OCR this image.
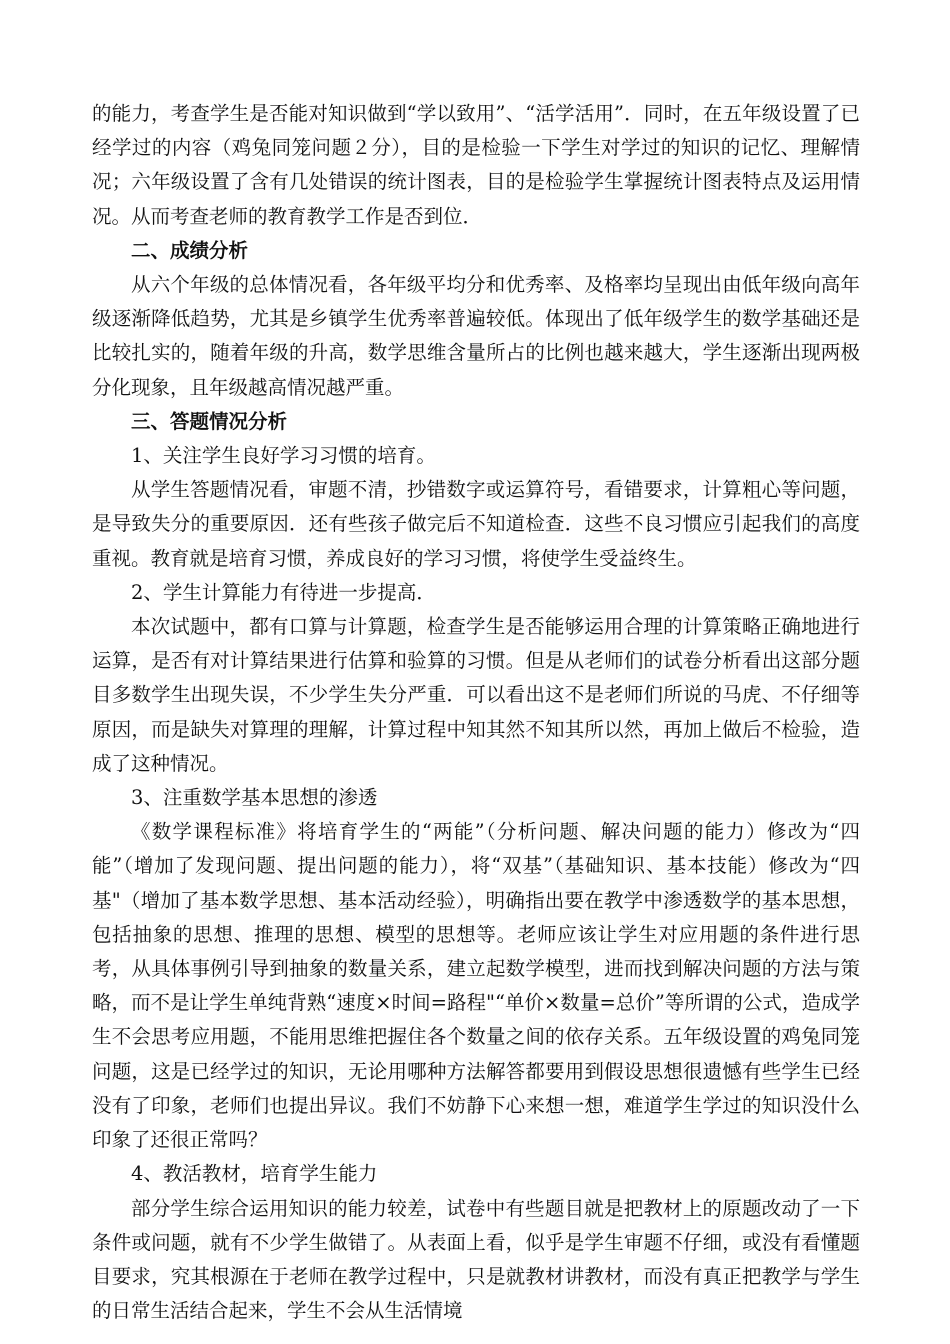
的能力，考查学生是否能对知识做到“学以致用”、“活学活用”．同时，在五年级设置了已经学过的内容（鸡兔同笼问题２分），目的是检验一下学生对学过的知识的记忆、理解情况；六年级设置了含有几处错误的统计图表，目的是检验学生掌握统计图表特点及运用情况。从而考查老师的教育教学工作是否到位．

二、成绩分析

从六个年级的总体情况看，各年级平均分和优秀率、及格率均呈现出由低年级向高年级逐渐降低趋势，尤其是乡镇学生优秀率普遍较低。体现出了低年级学生的数学基础还是比较扎实的，随着年级的升高，数学思维含量所占的比例也越来越大，学生逐渐出现两极分化现象，且年级越高情况越严重。

三、答题情况分析

1、关注学生良好学习习惯的培育。

从学生答题情况看，审题不清，抄错数字或运算符号，看错要求，计算粗心等问题，是导致失分的重要原因．还有些孩子做完后不知道检查．这些不良习惯应引起我们的高度重视。教育就是培育习惯，养成良好的学习习惯，将使学生受益终生。

2、学生计算能力有待进一步提高．

本次试题中，都有口算与计算题，检查学生是否能够运用合理的计算策略正确地进行运算，是否有对计算结果进行估算和验算的习惯。但是从老师们的试卷分析看出这部分题目多数学生出现失误，不少学生失分严重．可以看出这不是老师们所说的马虎、不仔细等原因，而是缺失对算理的理解，计算过程中知其然不知其所以然，再加上做后不检验，造成了这种情况。

3、注重数学基本思想的渗透

《数学课程标准》将培育学生的“两能”（分析问题、解决问题的能力）修改为“四能”（增加了发现问题、提出问题的能力），将“双基”（基础知识、基本技能）修改为“四基"（增加了基本数学思想、基本活动经验），明确指出要在教学中渗透数学的基本思想，包括抽象的思想、推理的思想、模型的思想等。老师应该让学生对应用题的条件进行思考，从具体事例引导到抽象的数量关系，建立起数学模型，进而找到解决问题的方法与策略，而不是让学生单纯背熟“速度×时间=路程"“单价×数量=总价”等所谓的公式，造成学生不会思考应用题，不能用思维把握住各个数量之间的依存关系。五年级设置的鸡兔同笼问题，这是已经学过的知识，无论用哪种方法解答都要用到假设思想很遗憾有些学生已经没有了印象，老师们也提出异议。我们不妨静下心来想一想，难道学生学过的知识没什么印象了还很正常吗？

4、教活教材，培育学生能力

部分学生综合运用知识的能力较差，试卷中有些题目就是把教材上的原题改动了一下条件或问题，就有不少学生做错了。从表面上看，似乎是学生审题不仔细，或没有看懂题目要求，究其根源在于老师在教学过程中，只是就教材讲教材，而没有真正把教学与学生的日常生活结合起来，学生不会从生活情境
